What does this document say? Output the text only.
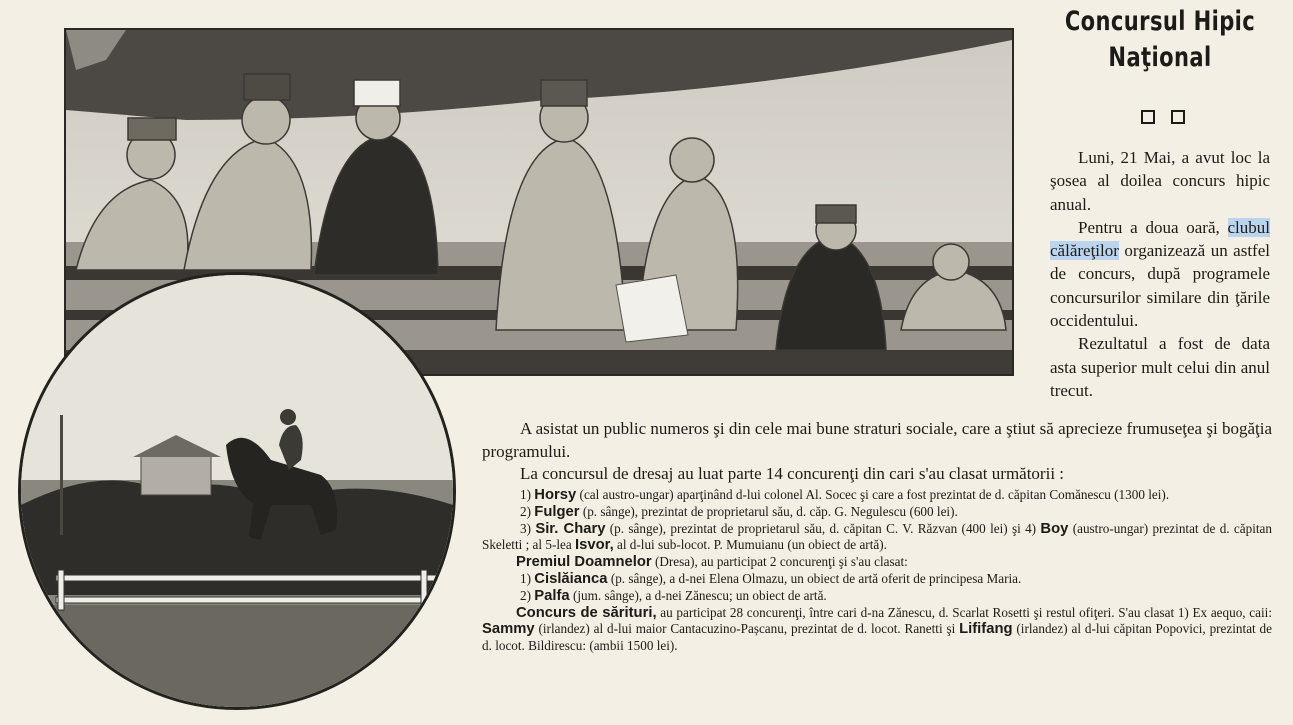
Concursul Hipic
Naţional

Luni, 21 Mai, a avut loc la şosea al doilea concurs hipic anual.

Pentru a doua oară, clubul călăreţilor organizează un astfel de concurs, după programele concursurilor similare din ţările occidentului.

Rezultatul a fost de data asta superior mult celui din anul trecut.

A asistat un public numeros şi din cele mai bune straturi sociale, care a ştiut să aprecieze frumuseţea şi bogăţia programului.

La concursul de dresaj au luat parte 14 concurenţi din cari s'au clasat următorii :

1) Horsy (cal austro-ungar) aparţinând d-lui colonel Al. Socec şi care a fost prezintat de d. căpitan Comănescu (1300 lei).

2) Fulger (p. sânge), prezintat de proprietarul său, d. căp. G. Negulescu (600 lei).

3) Sir. Chary (p. sânge), prezintat de proprietarul său, d. căpitan C. V. Răzvan (400 lei) şi 4) Boy (austro-ungar) prezintat de d. căpitan Skeletti ; al 5-lea Isvor, al d-lui sub-locot. P. Mumuianu (un obiect de artă).

Premiul Doamnelor (Dresa), au participat 2 concurenţi şi s'au clasat:

1) Cislăianca (p. sânge), a d-nei Elena Olmazu, un obiect de artă oferit de principesa Maria.

2) Palfa (jum. sânge), a d-nei Zănescu; un obiect de artă.

Concurs de sărituri, au participat 28 concurenţi, între cari d-na Zănescu, d. Scarlat Rosetti şi restul ofiţeri. S'au clasat 1) Ex aequo, caii: Sammy (irlandez) al d-lui maior Cantacuzino-Pașcanu, prezintat de d. locot. Ranetti şi Lififang (irlandez) al d-lui căpitan Popovici, prezintat de d. locot. Bildirescu: (ambii 1500 lei).
